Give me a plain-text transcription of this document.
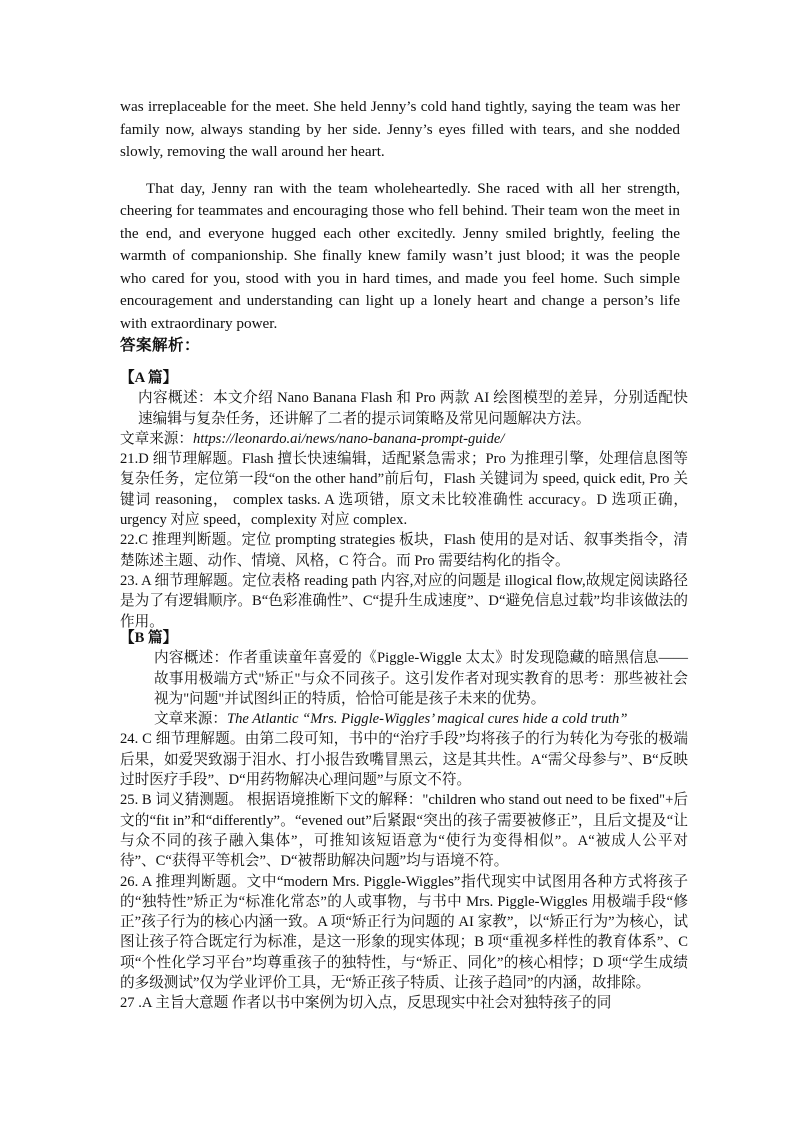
was irreplaceable for the meet. She held Jenny’s cold hand tightly, saying the team was her family now, always standing by her side. Jenny’s eyes filled with tears, and she nodded slowly, removing the wall around her heart.

That day, Jenny ran with the team wholeheartedly. She raced with all her strength, cheering for teammates and encouraging those who fell behind. Their team won the meet in the end, and everyone hugged each other excitedly. Jenny smiled brightly, feeling the warmth of companionship. She finally knew family wasn’t just blood; it was the people who cared for you, stood with you in hard times, and made you feel home. Such simple encouragement and understanding can light up a lonely heart and change a person’s life with extraordinary power.

答案解析：
【A 篇】
内容概述：本文介绍 Nano Banana Flash 和 Pro 两款 AI 绘图模型的差异，分别适配快速编辑与复杂任务，还讲解了二者的提示词策略及常见问题解决方法。
文章来源：https://leonardo.ai/news/nano-banana-prompt-guide/
21.D 细节理解题。Flash 擅长快速编辑，适配紧急需求；Pro 为推理引擎，处理信息图等复杂任务，定位第一段“on the other hand”前后句，Flash 关键词为 speed, quick edit, Pro 关键词 reasoning， complex tasks. A 选项错，原文未比较准确性 accuracy。D 选项正确，urgency 对应 speed，complexity 对应 complex.
22.C 推理判断题。定位 prompting strategies 板块，Flash 使用的是对话、叙事类指令，清楚陈述主题、动作、情境、风格，C 符合。而 Pro 需要结构化的指令。
23. A 细节理解题。定位表格 reading path 内容,对应的问题是 illogical flow,故规定阅读路径是为了有逻辑顺序。B“色彩准确性”、C“提升生成速度”、D“避免信息过载”均非该做法的作用。
【B 篇】
内容概述：作者重读童年喜爱的《Piggle-Wiggle 太太》时发现隐藏的暗黑信息——故事用极端方式"矫正"与众不同孩子。这引发作者对现实教育的思考：那些被社会视为"问题"并试图纠正的特质，恰恰可能是孩子未来的优势。
文章来源：The Atlantic “Mrs. Piggle-Wiggles’ magical cures hide a cold truth”
24. C 细节理解题。由第二段可知，书中的“治疗手段”均将孩子的行为转化为夸张的极端后果，如爱哭致溺于泪水、打小报告致嘴冒黑云，这是其共性。A“需父母参与”、B“反映过时医疗手段”、D“用药物解决心理问题”与原文不符。
25. B 词义猜测题。 根据语境推断下文的解释："children who stand out need to be fixed"+后文的“fit in”和“differently”。“evened out”后紧跟“突出的孩子需要被修正”，且后文提及“让与众不同的孩子融入集体”，可推知该短语意为“使行为变得相似”。A“被成人公平对待”、C“获得平等机会”、D“被帮助解决问题”均与语境不符。
26. A 推理判断题。文中“modern Mrs. Piggle-Wiggles”指代现实中试图用各种方式将孩子的“独特性”矫正为“标准化常态”的人或事物，与书中 Mrs. Piggle-Wiggles 用极端手段“修正”孩子行为的核心内涵一致。A 项“矫正行为问题的 AI 家教”，以“矫正行为”为核心，试图让孩子符合既定行为标准，是这一形象的现实体现；B 项“重视多样性的教育体系”、C 项“个性化学习平台”均尊重孩子的独特性，与“矫正、同化”的核心相悖；D 项“学生成绩的多级测试”仅为学业评价工具，无“矫正孩子特质、让孩子趋同”的内涵，故排除。
27 .A 主旨大意题 作者以书中案例为切入点，反思现实中社会对独特孩子的同
